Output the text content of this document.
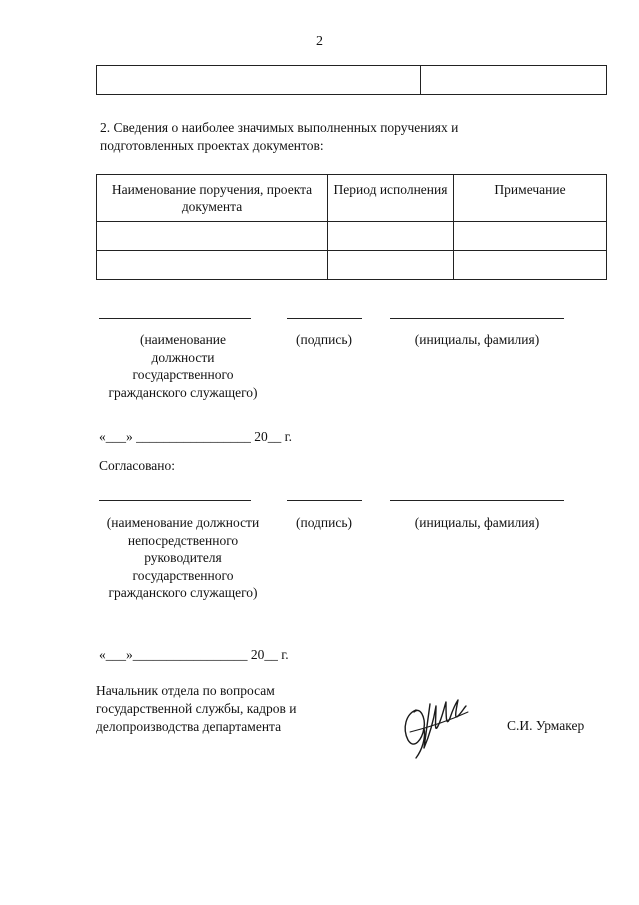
2

2. Сведения о наиболее значимых выполненных поручениях и подготовленных проектах документов:
Наименование поручения, проекта документа	Период исполнения	Примечание

(наименование должности государственного гражданского служащего)
(подпись)	(инициалы, фамилия)
«___» _________________ 20__ г.
Согласовано:
(наименование должности непосредственного руководителя государственного гражданского служащего)
(подпись)	(инициалы, фамилия)
«___»_________________ 20__ г.
Начальник отдела по вопросам государственной службы, кадров и делопроизводства департамента	С.И. Урмакер
